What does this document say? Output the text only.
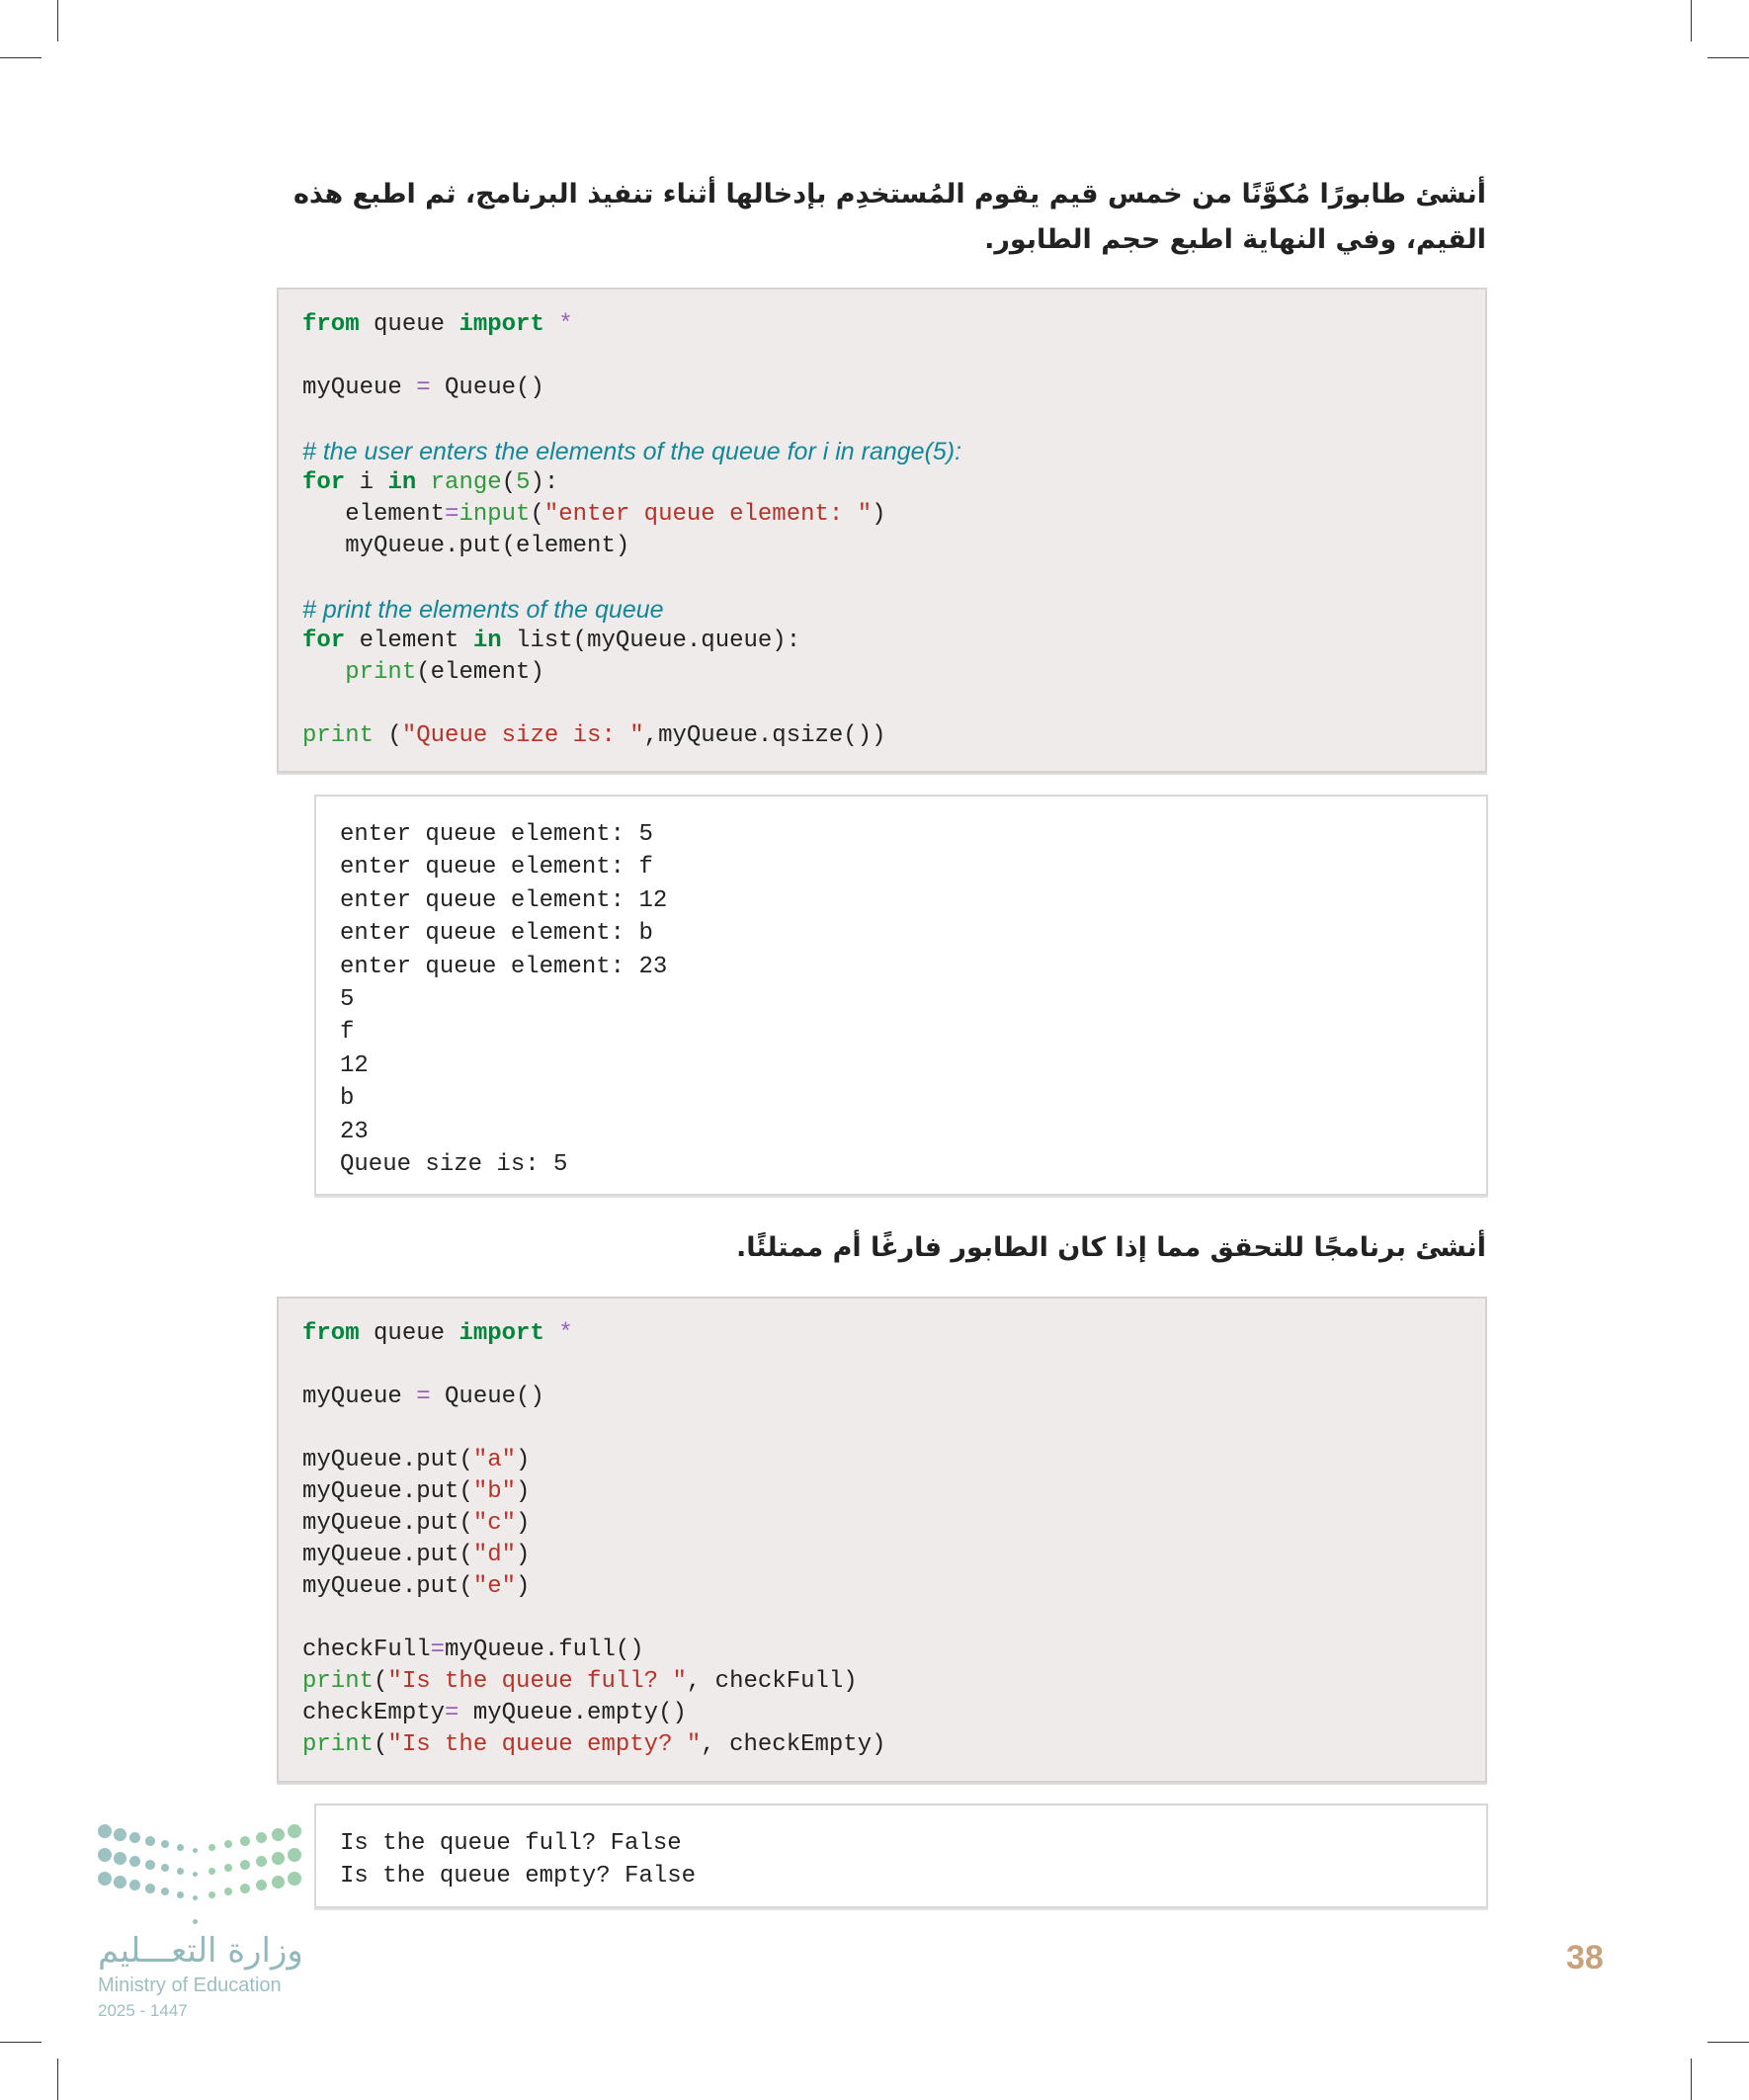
أنشئ طابورًا مُكوَّنًا من خمس قيم يقوم المُستخدِم بإدخالها أثناء تنفيذ البرنامج، ثم اطبع هذه القيم، وفي النهاية اطبع حجم الطابور.
from queue import *
myQueue = Queue()
# the user enters the elements of the queue for i in range(5):
for i in range(5):
element=input("enter queue element: ")
myQueue.put(element)
# print the elements of the queue
for element in list(myQueue.queue):
print(element)
print ("Queue size is: ",myQueue.qsize())
enter queue element: 5
enter queue element: f
enter queue element: 12
enter queue element: b
enter queue element: 23
5
f
12
b
23
Queue size is: 5
أنشئ برنامجًا للتحقق مما إذا كان الطابور فارغًا أم ممتلئًا.
from queue import *
myQueue = Queue()
myQueue.put("a")
myQueue.put("b")
myQueue.put("c")
myQueue.put("d")
myQueue.put("e")
checkFull=myQueue.full()
print("Is the queue full? ", checkFull)
checkEmpty= myQueue.empty()
print("Is the queue empty? ", checkEmpty)
Is the queue full? False
Is the queue empty? False
وزارة التعـــليم
Ministry of Education
2025 - 1447
38
